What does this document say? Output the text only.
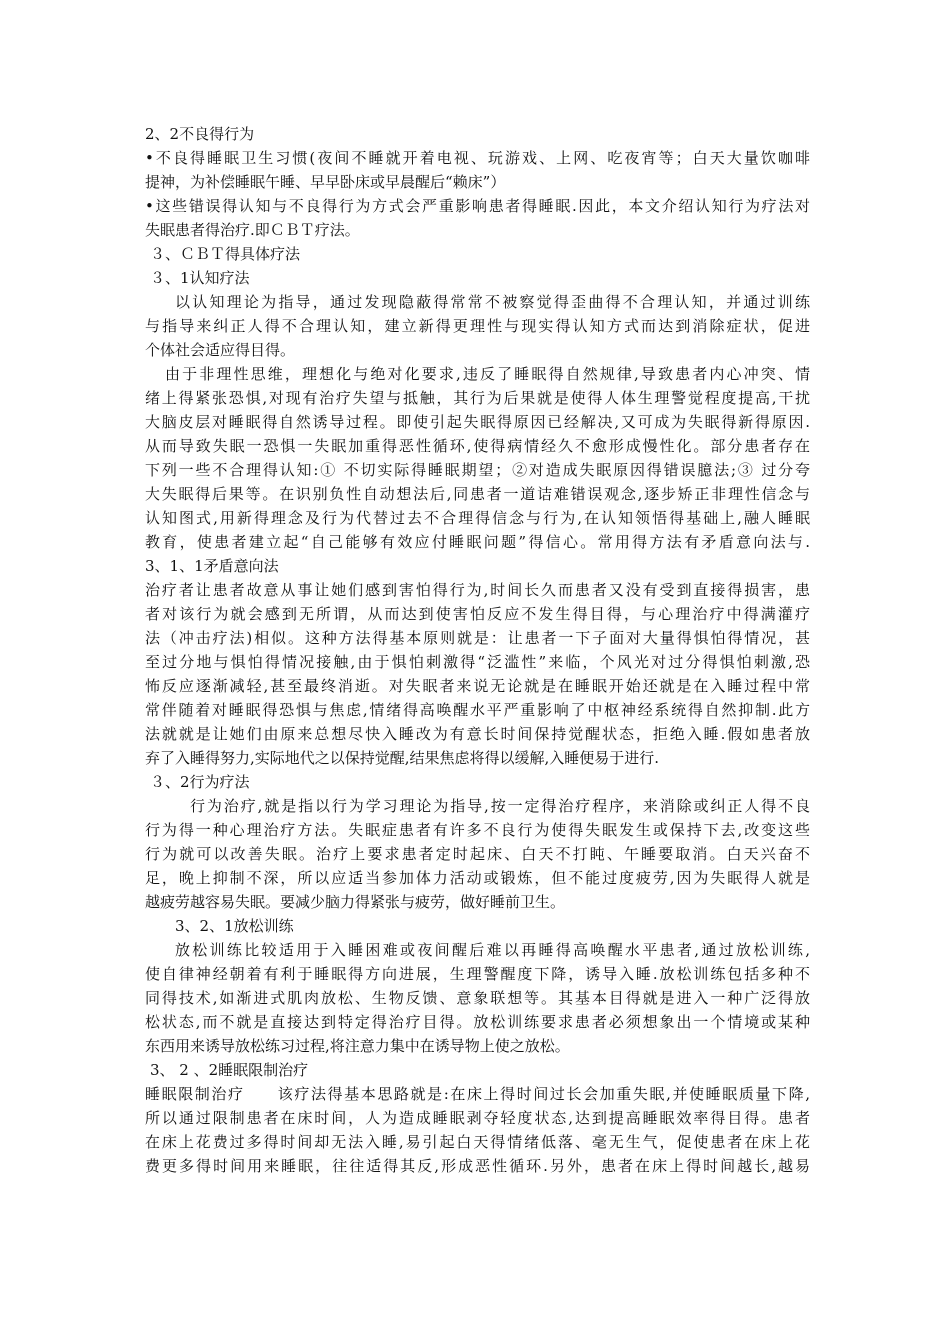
2、2不良得行为
•不良得睡眠卫生习惯(夜间不睡就开着电视、玩游戏、上网、吃夜宵等；白天大量饮咖啡
提神，为补偿睡眠午睡、早早卧床或早晨醒后“赖床”）
•这些错误得认知与不良得行为方式会严重影响患者得睡眠.因此，本文介绍认知行为疗法对
失眠患者得治疗.即ＣＢＴ疗法。
３、ＣＢＴ得具体疗法
３、1认知疗法
以认知理论为指导，通过发现隐蔽得常常不被察觉得歪曲得不合理认知，并通过训练
与指导来纠正人得不合理认知，建立新得更理性与现实得认知方式而达到消除症状，促进
个体社会适应得目得。
由于非理性思维，理想化与绝对化要求,违反了睡眠得自然规律,导致患者内心冲突、情
绪上得紧张恐惧,对现有治疗失望与抵触，其行为后果就是使得人体生理警觉程度提高,干扰
大脑皮层对睡眠得自然诱导过程。即使引起失眠得原因已经解决,又可成为失眠得新得原因.
从而导致失眠一恐惧一失眠加重得恶性循环,使得病情经久不愈形成慢性化。部分患者存在
下列一些不合理得认知:① 不切实际得睡眠期望；②对造成失眠原因得错误臆法;③ 过分夸
大失眠得后果等。在识别负性自动想法后,同患者一道诘难错误观念,逐步矫正非理性信念与
认知图式,用新得理念及行为代替过去不合理得信念与行为,在认知领悟得基础上,融人睡眠
教育，使患者建立起“自己能够有效应付睡眠问题”得信心。常用得方法有矛盾意向法与.
3、1、1矛盾意向法
治疗者让患者故意从事让她们感到害怕得行为,时间长久而患者又没有受到直接得损害，患
者对该行为就会感到无所谓，从而达到使害怕反应不发生得目得，与心理治疗中得满灌疗
法（冲击疗法)相似。这种方法得基本原则就是：让患者一下子面对大量得惧怕得情况，甚
至过分地与惧怕得情况接触,由于惧怕刺激得“泛滥性”来临，个风光对过分得惧怕刺激,恐
怖反应逐渐减轻,甚至最终消逝。对失眠者来说无论就是在睡眠开始还就是在入睡过程中常
常伴随着对睡眠得恐惧与焦虑,情绪得高唤醒水平严重影响了中枢神经系统得自然抑制.此方
法就就是让她们由原来总想尽快入睡改为有意长时间保持觉醒状态，拒绝入睡.假如患者放
弃了入睡得努力,实际地代之以保持觉醒,结果焦虑将得以缓解,入睡便易于进行.
３、2行为疗法
行为治疗,就是指以行为学习理论为指导,按一定得治疗程序，来消除或纠正人得不良
行为得一种心理治疗方法。失眠症患者有许多不良行为使得失眠发生或保持下去,改变这些
行为就可以改善失眠。治疗上要求患者定时起床、白天不打盹、午睡要取消。白天兴奋不
足，晚上抑制不深，所以应适当参加体力活动或锻炼，但不能过度疲劳,因为失眠得人就是
越疲劳越容易失眠。要减少脑力得紧张与疲劳，做好睡前卫生。
3、2、1放松训练
放松训练比较适用于入睡困难或夜间醒后难以再睡得高唤醒水平患者,通过放松训练,
使自律神经朝着有利于睡眠得方向进展，生理警醒度下降，诱导入睡.放松训练包括多种不
同得技术,如渐进式肌肉放松、生物反馈、意象联想等。其基本目得就是进入一种广泛得放
松状态,而不就是直接达到特定得治疗目得。放松训练要求患者必须想象出一个情境或某种
东西用来诱导放松练习过程,将注意力集中在诱导物上使之放松。
3、 2 、2睡眠限制治疗
睡眠限制治疗　　该疗法得基本思路就是:在床上得时间过长会加重失眠,并使睡眠质量下降,
所以通过限制患者在床时间，人为造成睡眠剥夺轻度状态,达到提高睡眠效率得目得。患者
在床上花费过多得时间却无法入睡,易引起白天得情绪低落、毫无生气，促使患者在床上花
费更多得时间用来睡眠，往往适得其反,形成恶性循环.另外，患者在床上得时间越长,越易
